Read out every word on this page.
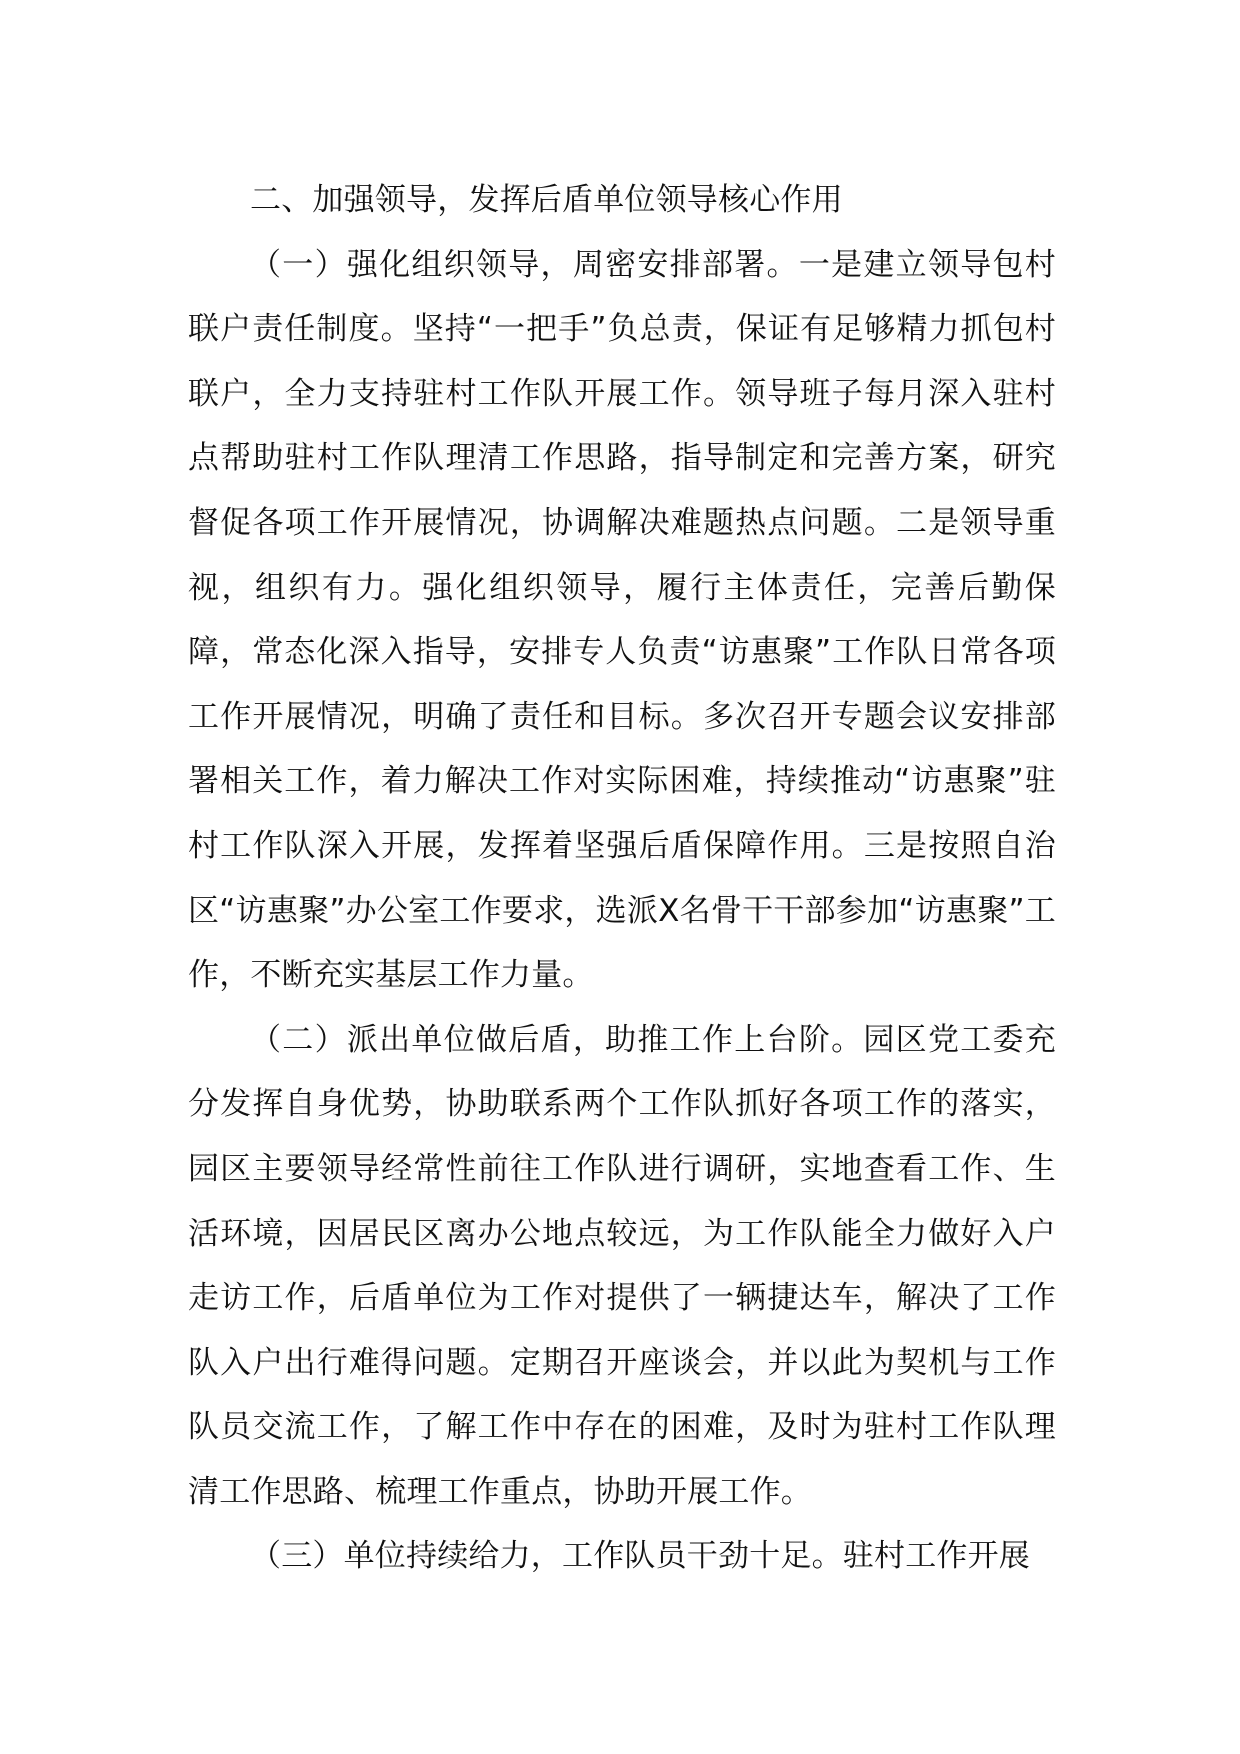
二、加强领导，发挥后盾单位领导核心作用

（一）强化组织领导，周密安排部署。一是建立领导包村联户责任制度。坚持“一把手”负总责，保证有足够精力抓包村联户，全力支持驻村工作队开展工作。领导班子每月深入驻村点帮助驻村工作队理清工作思路，指导制定和完善方案，研究督促各项工作开展情况，协调解决难题热点问题。二是领导重视，组织有力。强化组织领导，履行主体责任，完善后勤保障，常态化深入指导，安排专人负责“访惠聚”工作队日常各项工作开展情况，明确了责任和目标。多次召开专题会议安排部署相关工作，着力解决工作对实际困难，持续推动“访惠聚”驻村工作队深入开展，发挥着坚强后盾保障作用。三是按照自治区“访惠聚”办公室工作要求，选派X名骨干干部参加“访惠聚”工作，不断充实基层工作力量。

（二）派出单位做后盾，助推工作上台阶。园区党工委充分发挥自身优势，协助联系两个工作队抓好各项工作的落实，园区主要领导经常性前往工作队进行调研，实地查看工作、生活环境，因居民区离办公地点较远，为工作队能全力做好入户走访工作，后盾单位为工作对提供了一辆捷达车，解决了工作队入户出行难得问题。定期召开座谈会，并以此为契机与工作队员交流工作，了解工作中存在的困难，及时为驻村工作队理清工作思路、梳理工作重点，协助开展工作。

（三）单位持续给力，工作队员干劲十足。驻村工作开展
